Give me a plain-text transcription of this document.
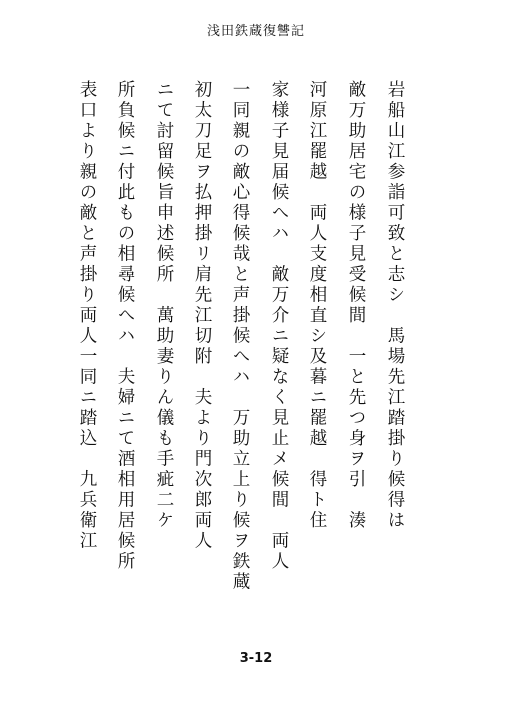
浅田鉄蔵復讐記
岩船山江参詣可致と志シ　馬場先江踏掛り候得は
敵万助居宅の様子見受候間　一と先つ身ヲ引　湊
河原江罷越　両人支度相直シ及暮ニ罷越　得ト住
家様子見届候へハ　敵万介ニ疑なく見止メ候間　両人
一同親の敵心得候哉と声掛候へハ　万助立上り候ヲ鉄蔵
初太刀足ヲ払押掛リ肩先江切附　夫より門次郎両人
ニて討留候旨申述候所　萬助妻りん儀も手疵二ケ
所負候ニ付此もの相尋候へハ　夫婦ニて酒相用居候所
表口より親の敵と声掛り両人一同ニ踏込　九兵衛江
3-12
